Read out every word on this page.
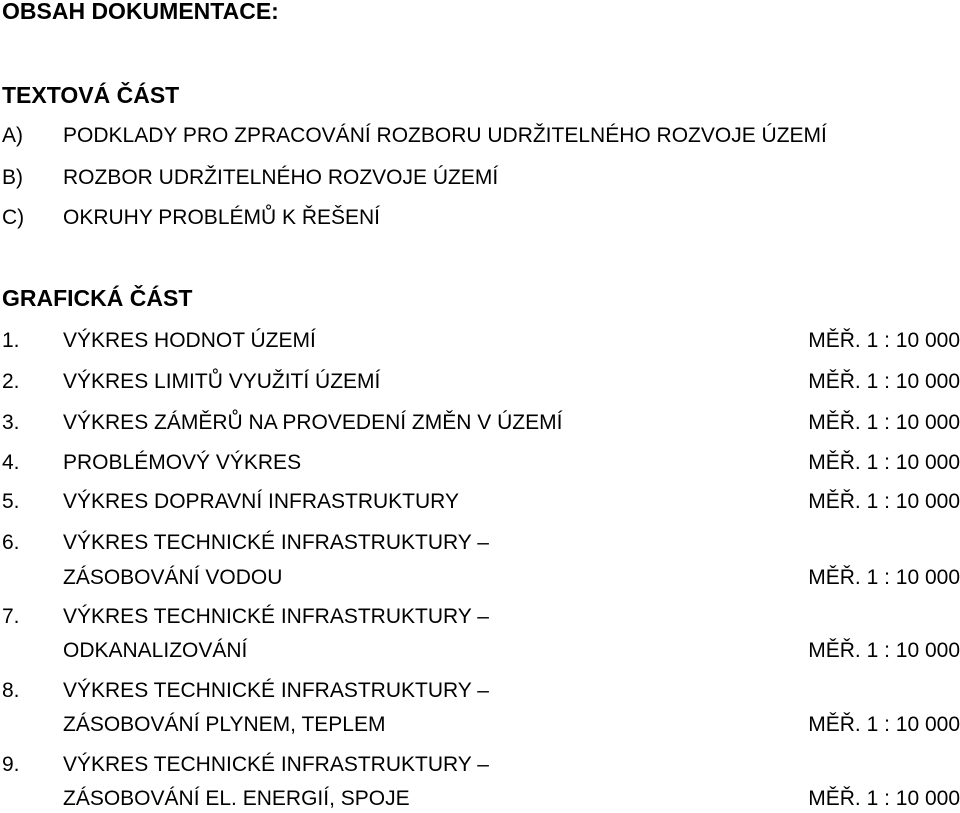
OBSAH DOKUMENTACE:
TEXTOVÁ ČÁST
A) PODKLADY PRO ZPRACOVÁNÍ ROZBORU UDRŽITELNÉHO ROZVOJE ÚZEMÍ
B) ROZBOR UDRŽITELNÉHO ROZVOJE ÚZEMÍ
C) OKRUHY PROBLÉMŮ K ŘEŠENÍ
GRAFICKÁ ČÁST
1. VÝKRES HODNOT ÚZEMÍ	MĚŘ. 1 : 10 000
2. VÝKRES LIMITŮ VYUŽITÍ ÚZEMÍ	MĚŘ. 1 : 10 000
3. VÝKRES ZÁMĚRŮ NA PROVEDENÍ ZMĚN V ÚZEMÍ	MĚŘ. 1 : 10 000
4. PROBLÉMOVÝ VÝKRES	MĚŘ. 1 : 10 000
5. VÝKRES DOPRAVNÍ INFRASTRUKTURY	MĚŘ. 1 : 10 000
6. VÝKRES TECHNICKÉ INFRASTRUKTURY –
ZÁSOBOVÁNÍ VODOU	MĚŘ. 1 : 10 000
7. VÝKRES TECHNICKÉ INFRASTRUKTURY –
ODKANALIZOVÁNÍ	MĚŘ. 1 : 10 000
8. VÝKRES TECHNICKÉ INFRASTRUKTURY –
ZÁSOBOVÁNÍ PLYNEM, TEPLEM	MĚŘ. 1 : 10 000
9. VÝKRES TECHNICKÉ INFRASTRUKTURY –
ZÁSOBOVÁNÍ EL. ENERGIÍ, SPOJE	MĚŘ. 1 : 10 000
